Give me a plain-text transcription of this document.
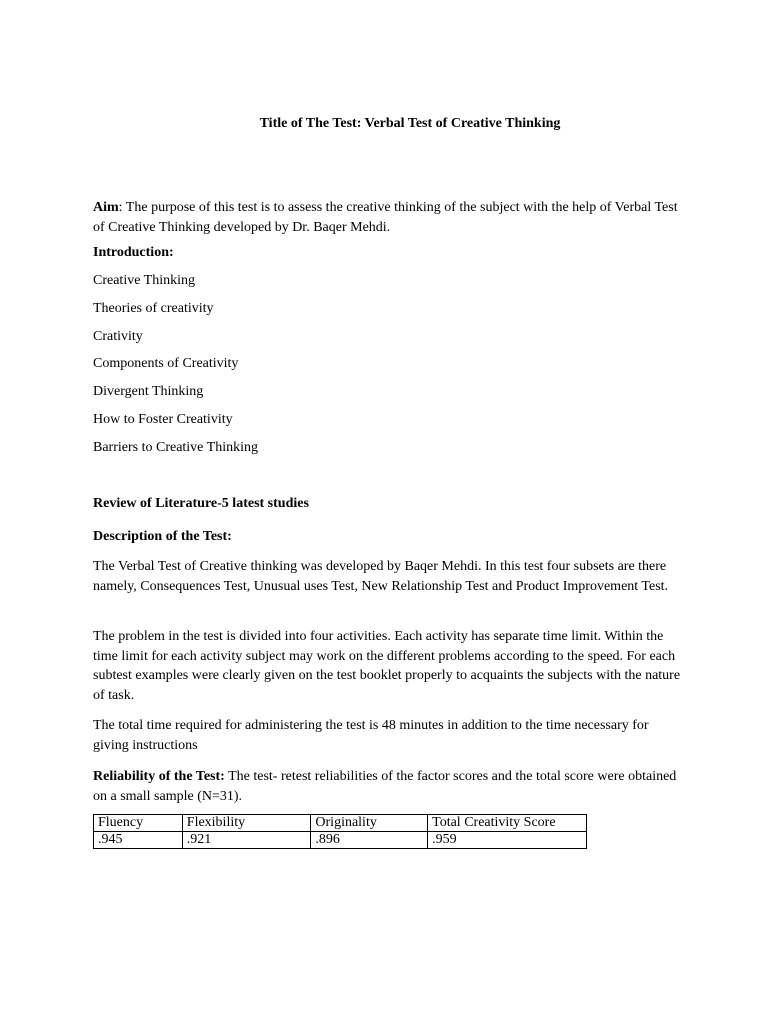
Title of The Test: Verbal Test of Creative Thinking
Aim: The purpose of this test is to assess the creative thinking of the subject with the help of Verbal Test of Creative Thinking developed by Dr. Baqer Mehdi.
Introduction:
Creative Thinking
Theories of creativity
Crativity
Components of Creativity
Divergent Thinking
How to Foster Creativity
Barriers to Creative Thinking
Review of Literature-5 latest studies
Description of the Test:
The Verbal Test of Creative thinking was developed by Baqer Mehdi. In this test four subsets are there namely, Consequences Test, Unusual uses Test, New Relationship Test and Product Improvement Test.
The problem in the test is divided into four activities. Each activity has separate time limit. Within the time limit for each activity subject may work on the different problems according to the speed. For each subtest examples were clearly given on the test booklet properly to acquaints the subjects with the nature of task.
The total time required for administering the test is 48 minutes in addition to the time necessary for giving instructions
Reliability of the Test: The test- retest reliabilities of the factor scores and the total score were obtained on a small sample (N=31).
Fluency	Flexibility	Originality	Total Creativity Score
.945	.921	.896	.959
